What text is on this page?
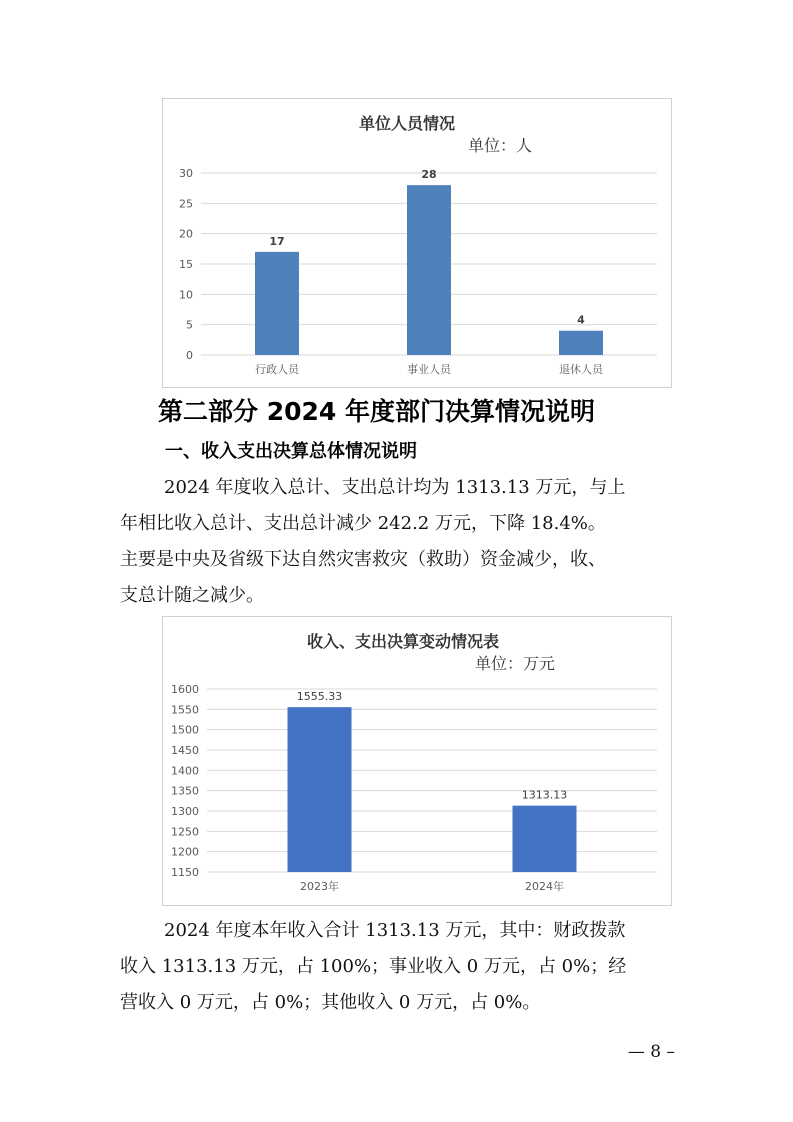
单位人员情况
单位：人
0
5
10
15
20
25
30
17
行政人员
28
事业人员
4
退休人员
第二部分 2024 年度部门决算情况说明
一、收入支出决算总体情况说明
2024 年度收入总计、支出总计均为 1313.13 万元，与上
年相比收入总计、支出总计减少 242.2 万元，下降 18.4%。
主要是中央及省级下达自然灾害救灾（救助）资金减少，收、
支总计随之减少。
收入、支出决算变动情况表
单位：万元
1150
1200
1250
1300
1350
1400
1450
1500
1550
1600
1555.33
2023年
1313.13
2024年
2024 年度本年收入合计 1313.13 万元，其中：财政拨款
收入 1313.13 万元，占 100%；事业收入 0 万元，占 0%；经
营收入 0 万元，占 0%；其他收入 0 万元，占 0%。
— 8 –
